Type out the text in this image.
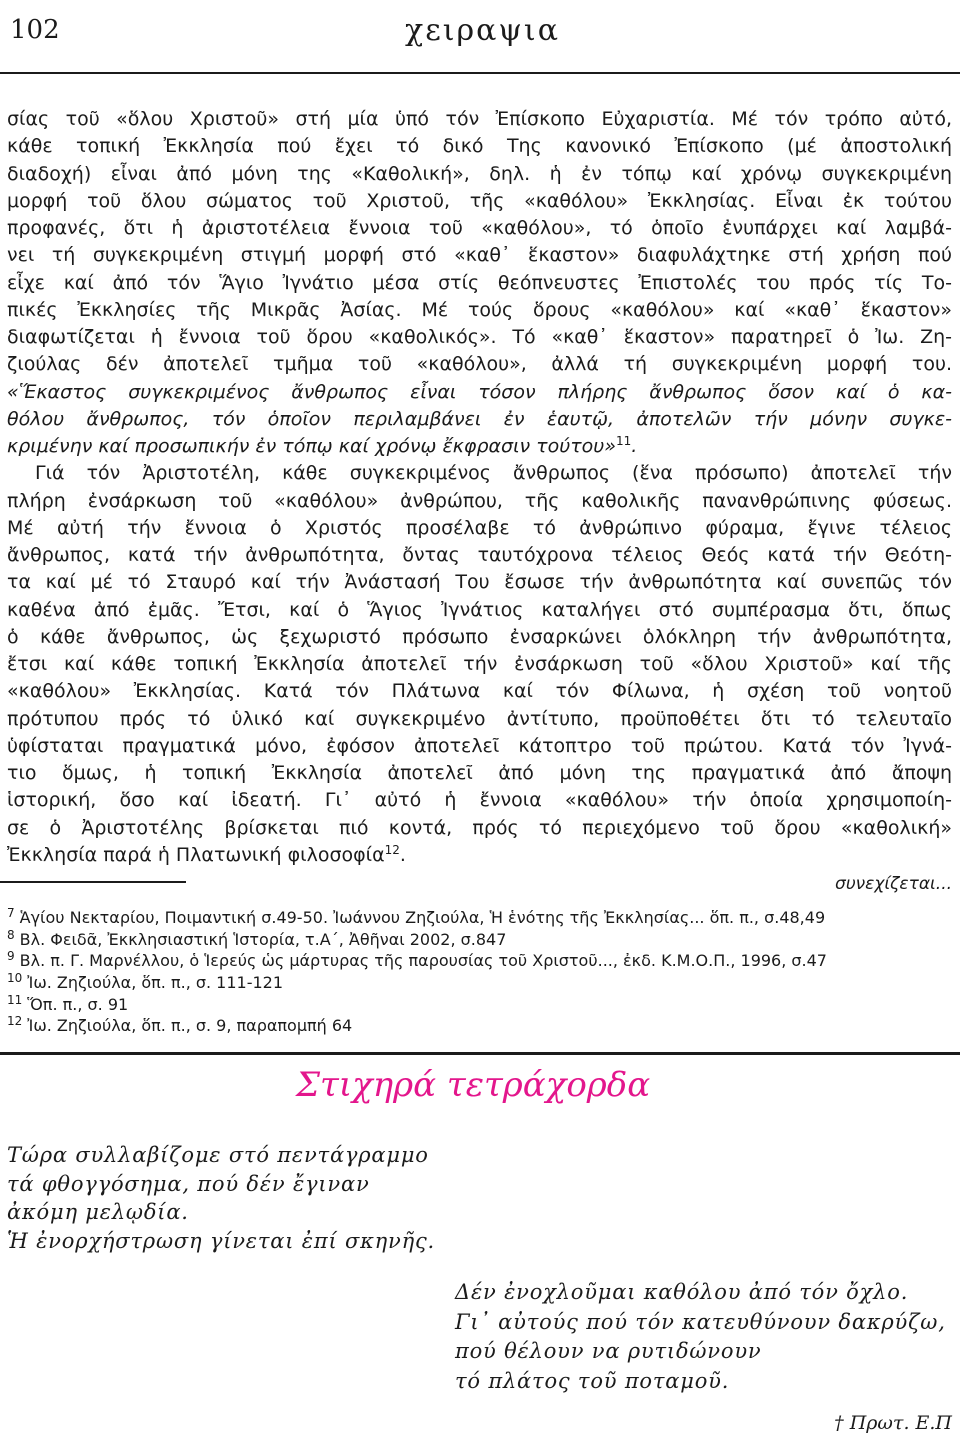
102	χειραψια
σίας τοῦ «ὅλου Χριστοῦ» στή μία ὑπό τόν Ἐπίσκοπο Εὐχαριστία. Μέ τόν τρόπο αὐτό,
κάθε τοπική Ἐκκλησία πού ἔχει τό δικό Της κανονικό Ἐπίσκοπο (μέ ἀποστολική
διαδοχή) εἶναι ἀπό μόνη της «Καθολική», δηλ. ἡ ἐν τόπῳ καί χρόνῳ συγκεκριμένη
μορφή τοῦ ὅλου σώματος τοῦ Χριστοῦ, τῆς «καθόλου» Ἐκκλησίας. Εἶναι ἐκ τούτου
προφανές, ὅτι ἡ ἀριστοτέλεια ἔννοια τοῦ «καθόλου», τό ὁποῖο ἐνυπάρχει καί λαμβά-
νει τή συγκεκριμένη στιγμή μορφή στό «καθ᾽ ἕκαστον» διαφυλάχτηκε στή χρήση πού
εἶχε καί ἀπό τόν Ἅγιο Ἰγνάτιο μέσα στίς θεόπνευστες Ἐπιστολές του πρός τίς Το-
πικές Ἐκκλησίες τῆς Μικρᾶς Ἀσίας. Μέ τούς ὅρους «καθόλου» καί «καθ᾽ ἕκαστον»
διαφωτίζεται ἡ ἔννοια τοῦ ὅρου «καθολικός». Τό «καθ᾽ ἕκαστον» παρατηρεῖ ὁ Ἰω. Ζη-
ζιούλας δέν ἀποτελεῖ τμῆμα τοῦ «καθόλου», ἀλλά τή συγκεκριμένη μορφή του.
«Ἕκαστος συγκεκριμένος ἄνθρωπος εἶναι τόσον πλήρης ἄνθρωπος ὅσον καί ὁ κα-
θόλου ἄνθρωπος, τόν ὁποῖον περιλαμβάνει ἐν ἑαυτῷ, ἀποτελῶν τήν μόνην συγκε-
κριμένην καί προσωπικήν ἐν τόπῳ καί χρόνῳ ἔκφρασιν τούτου»$^{11}$.
Γιά τόν Ἀριστοτέλη, κάθε συγκεκριμένος ἄνθρωπος (ἕνα πρόσωπο) ἀποτελεῖ τήν
πλήρη ἐνσάρκωση τοῦ «καθόλου» ἀνθρώπου, τῆς καθολικῆς πανανθρώπινης φύσεως.
Μέ αὐτή τήν ἔννοια ὁ Χριστός προσέλαβε τό ἀνθρώπινο φύραμα, ἔγινε τέλειος
ἄνθρωπος, κατά τήν ἀνθρωπότητα, ὄντας ταυτόχρονα τέλειος Θεός κατά τήν Θεότη-
τα καί μέ τό Σταυρό καί τήν Ἀνάστασή Του ἔσωσε τήν ἀνθρωπότητα καί συνεπῶς τόν
καθένα ἀπό ἐμᾶς. Ἔτσι, καί ὁ Ἅγιος Ἰγνάτιος καταλήγει στό συμπέρασμα ὅτι, ὅπως
ὁ κάθε ἄνθρωπος, ὡς ξεχωριστό πρόσωπο ἐνσαρκώνει ὁλόκληρη τήν ἀνθρωπότητα,
ἔτσι καί κάθε τοπική Ἐκκλησία ἀποτελεῖ τήν ἐνσάρκωση τοῦ «ὅλου Χριστοῦ» καί τῆς
«καθόλου» Ἐκκλησίας. Κατά τόν Πλάτωνα καί τόν Φίλωνα, ἡ σχέση τοῦ νοητοῦ
πρότυπου πρός τό ὑλικό καί συγκεκριμένο ἀντίτυπο, προϋποθέτει ὅτι τό τελευταῖο
ὑφίσταται πραγματικά μόνο, ἐφόσον ἀποτελεῖ κάτοπτρο τοῦ πρώτου. Κατά τόν Ἰγνά-
τιο ὅμως, ἡ τοπική Ἐκκλησία ἀποτελεῖ ἀπό μόνη της πραγματικά ἀπό ἄποψη
ἱστορική, ὅσο καί ἰδεατή. Γι᾽ αὐτό ἡ ἔννοια «καθόλου» τήν ὁποία χρησιμοποίη-
σε ὁ Ἀριστοτέλης βρίσκεται πιό κοντά, πρός τό περιεχόμενο τοῦ ὅρου «καθολική»
Ἐκκλησία παρά ἡ Πλατωνική φιλοσοφία$^{12}$.
συνεχίζεται...
$^7$ Ἁγίου Νεκταρίου, Ποιμαντική σ.49-50. Ἰωάννου Ζηζιούλα, Ἡ ἑνότης τῆς Ἐκκλησίας... ὅπ. π., σ.48,49
$^8$ Βλ. Φειδᾶ, Ἐκκλησιαστική Ἱστορία, τ.Α΄, Ἀθῆναι 2002, σ.847
$^9$ Βλ. π. Γ. Μαρνέλλου, ὁ Ἱερεύς ὡς μάρτυρας τῆς παρουσίας τοῦ Χριστοῦ..., ἐκδ. Κ.Μ.Ο.Π., 1996, σ.47
$^{10}$ Ἰω. Ζηζιούλα, ὅπ. π., σ. 111-121
$^{11}$ Ὅπ. π., σ. 91
$^{12}$ Ἰω. Ζηζιούλα, ὅπ. π., σ. 9, παραπομπή 64
Στιχηρά τετράχορδα
Τώρα συλλαβίζομε στό πεντάγραμμο
τά φθογγόσημα, πού δέν ἔγιναν
ἀκόμη μελῳδία.
Ἡ ἐνορχήστρωση γίνεται ἐπί σκηνῆς.
Δέν ἐνοχλοῦμαι καθόλου ἀπό τόν ὄχλο.
Γι᾽ αὐτούς πού τόν κατευθύνουν δακρύζω,
πού θέλουν να ρυτιδώνουν
τό πλάτος τοῦ ποταμοῦ.
† Πρωτ. Ε.Π
